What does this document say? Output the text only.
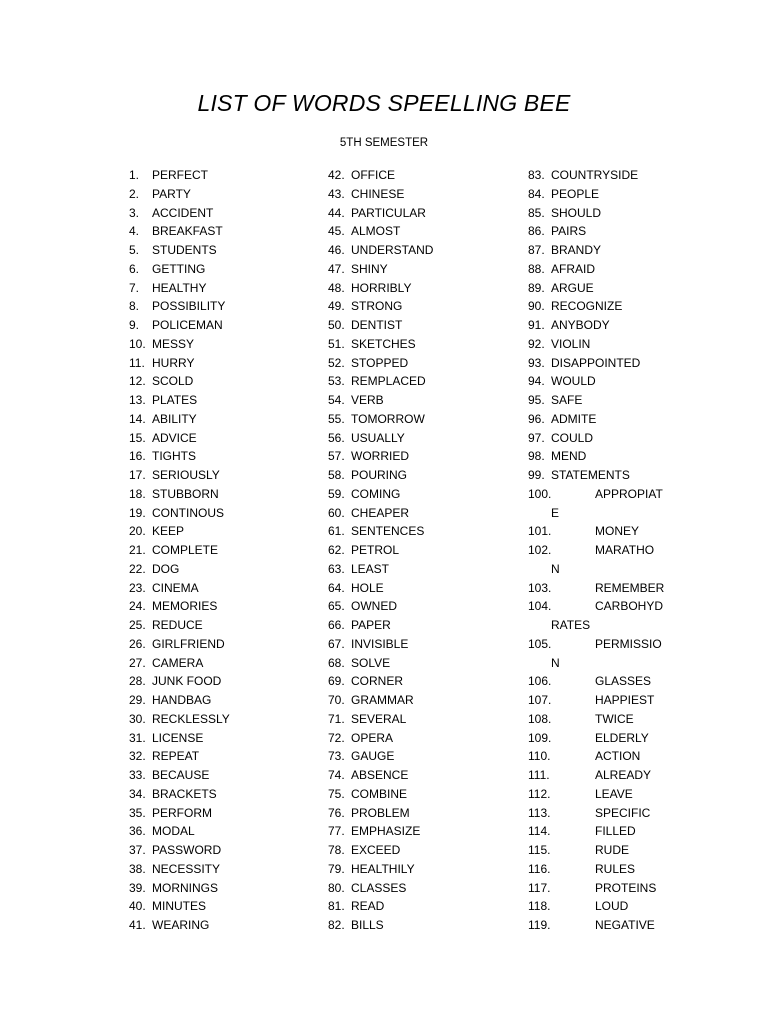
LIST OF WORDS SPEELLING BEE
5TH SEMESTER
1. PERFECT
2. PARTY
3. ACCIDENT
4. BREAKFAST
5. STUDENTS
6. GETTING
7. HEALTHY
8. POSSIBILITY
9. POLICEMAN
10. MESSY
11. HURRY
12. SCOLD
13. PLATES
14. ABILITY
15. ADVICE
16. TIGHTS
17. SERIOUSLY
18. STUBBORN
19. CONTINOUS
20. KEEP
21. COMPLETE
22. DOG
23. CINEMA
24. MEMORIES
25. REDUCE
26. GIRLFRIEND
27. CAMERA
28. JUNK FOOD
29. HANDBAG
30. RECKLESSLY
31. LICENSE
32. REPEAT
33. BECAUSE
34. BRACKETS
35. PERFORM
36. MODAL
37. PASSWORD
38. NECESSITY
39. MORNINGS
40. MINUTES
41. WEARING
42. OFFICE
43. CHINESE
44. PARTICULAR
45. ALMOST
46. UNDERSTAND
47. SHINY
48. HORRIBLY
49. STRONG
50. DENTIST
51. SKETCHES
52. STOPPED
53. REMPLACED
54. VERB
55. TOMORROW
56. USUALLY
57. WORRIED
58. POURING
59. COMING
60. CHEAPER
61. SENTENCES
62. PETROL
63. LEAST
64. HOLE
65. OWNED
66. PAPER
67. INVISIBLE
68. SOLVE
69. CORNER
70. GRAMMAR
71. SEVERAL
72. OPERA
73. GAUGE
74. ABSENCE
75. COMBINE
76. PROBLEM
77. EMPHASIZE
78. EXCEED
79. HEALTHILY
80. CLASSES
81. READ
82. BILLS
83. COUNTRYSIDE
84. PEOPLE
85. SHOULD
86. PAIRS
87. BRANDY
88. AFRAID
89. ARGUE
90. RECOGNIZE
91. ANYBODY
92. VIOLIN
93. DISAPPOINTED
94. WOULD
95. SAFE
96. ADMITE
97. COULD
98. MEND
99. STATEMENTS
100.	APPROPIAT
E
101.	MONEY
102.	MARATHO
N
103.	REMEMBER
104.	CARBOHYD
RATES
105.	PERMISSIO
N
106.	GLASSES
107.	HAPPIEST
108.	TWICE
109.	ELDERLY
110.	ACTION
111.	ALREADY
112.	LEAVE
113.	SPECIFIC
114.	FILLED
115.	RUDE
116.	RULES
117.	PROTEINS
118.	LOUD
119.	NEGATIVE
